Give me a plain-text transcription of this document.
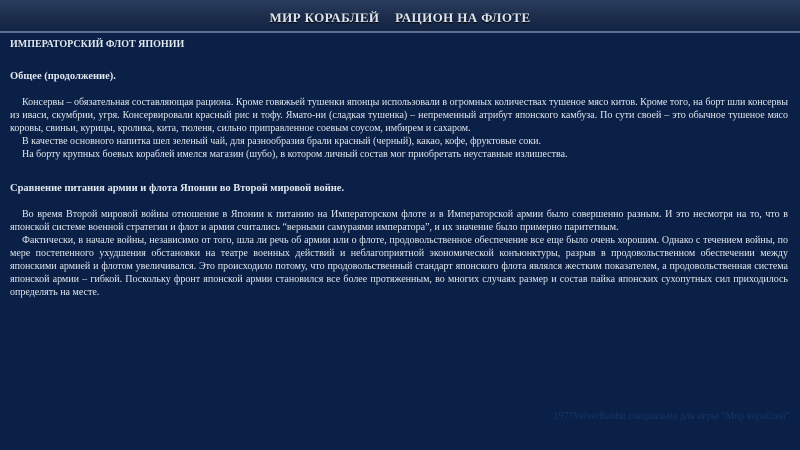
МИР КОРАБЛЕЙ РАЦИОН НА ФЛОТЕ
ИМПЕРАТОРСКИЙ ФЛОТ ЯПОНИИ
Общее (продолжение).

Консервы – обязательная составляющая рациона. Кроме говяжьей тушенки японцы использовали в огромных количествах тушеное мясо китов. Кроме того, на борт шли консервы из иваси, скумбрии, угря. Консервировали красный рис и тофу. Ямато-ни (сладкая тушенка) – непременный атрибут японского камбуза. По сути своей – это обычное тушеное мясо коровы, свиньи, курицы, кролика, кита, тюленя, сильно приправленное соевым соусом, имбирем и сахаром.

В качестве основного напитка шел зеленый чай, для разнообразия брали красный (черный), какао, кофе, фруктовые соки.

На борту крупных боевых кораблей имелся магазин (шубо), в котором личный состав мог приобретать неуставные излишества.

Сравнение питания армии и флота Японии во Второй мировой войне.

Во время Второй мировой войны отношение в Японии к питанию на Императорском флоте и в Императорской армии было совершенно разным. И это несмотря на то, что в японской системе военной стратегии и флот и армия считались “верными самураями императора”, и их значение было примерно паритетным.

Фактически, в начале войны, независимо от того, шла ли речь об армии или о флоте, продовольственное обеспечение все еще было очень хорошим. Однако с течением войны, по мере постепенного ухудшения обстановки на театре военных действий и неблагоприятной экономической конъюнктуры, разрыв в продовольственном обеспечении между японскими армией и флотом увеличивался. Это происходило потому, что продовольственный стандарт японского флота являлся жестким показателем, а продовольственная система японской армии – гибкой. Поскольку фронт японской армии становился все более протяженным, во многих случаях размер и состав пайка японских сухопутных сил приходилось определять на месте.

1977VelvetRabbit специально для игры “Мир кораблей”
